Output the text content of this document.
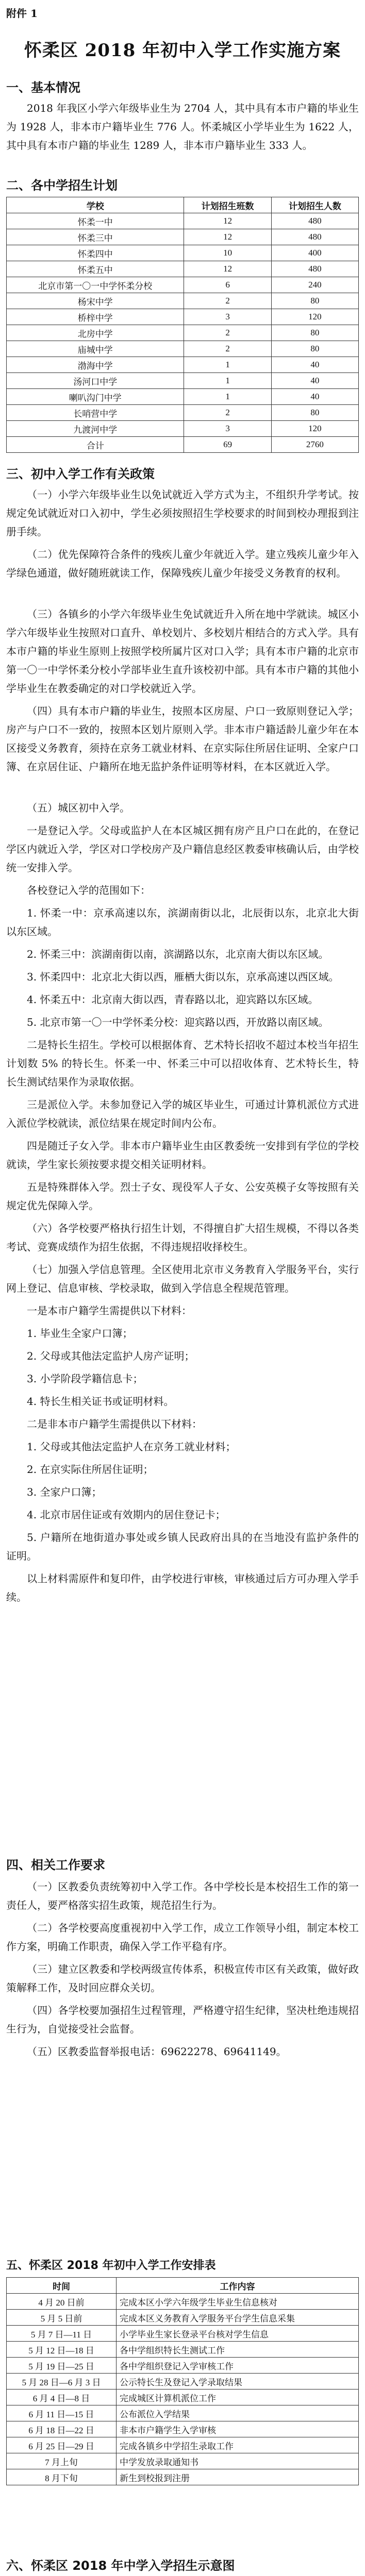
附件 1
怀柔区 2018 年初中入学工作实施方案
一、基本情况

2018 年我区小学六年级毕业生为 2704 人，其中具有本市户籍的毕业生为 1928 人，非本市户籍毕业生 776 人。怀柔城区小学毕业生为 1622 人，其中具有本市户籍的毕业生 1289 人，非本市户籍毕业生 333 人。

二、各中学招生计划
学校	计划招生班数	计划招生人数
怀柔一中	12	480
怀柔三中	12	480
怀柔四中	10	400
怀柔五中	12	480
北京市第一〇一中学怀柔分校	6	240
杨宋中学	2	80
桥梓中学	3	120
北房中学	2	80
庙城中学	2	80
渤海中学	1	40
汤河口中学	1	40
喇叭沟门中学	1	40
长哨营中学	2	80
九渡河中学	3	120
合计	69	2760
三、初中入学工作有关政策

（一）小学六年级毕业生以免试就近入学方式为主，不组织升学考试。按规定免试就近对口入初中，学生必须按照招生学校要求的时间到校办理报到注册手续。

（二）优先保障符合条件的残疾儿童少年就近入学。建立残疾儿童少年入学绿色通道，做好随班就读工作，保障残疾儿童少年接受义务教育的权利。

（三）各镇乡的小学六年级毕业生免试就近升入所在地中学就读。城区小学六年级毕业生按照对口直升、单校划片、多校划片相结合的方式入学。具有本市户籍的毕业生原则上按照学校所属片区对口入学；具有本市户籍的北京市第一〇一中学怀柔分校小学部毕业生直升该校初中部。具有本市户籍的其他小学毕业生在教委确定的对口学校就近入学。

（四）具有本市户籍的毕业生，按照本区房屋、户口一致原则登记入学；房产与户口不一致的，按照本区划片原则入学。非本市户籍适龄儿童少年在本区接受义务教育，须持在京务工就业材料、在京实际住所居住证明、全家户口簿、在京居住证、户籍所在地无监护条件证明等材料，在本区就近入学。

（五）城区初中入学。

一是登记入学。父母或监护人在本区城区拥有房产且户口在此的，在登记学区内就近入学，学区对口学校房产及户籍信息经区教委审核确认后，由学校统一安排入学。

各校登记入学的范围如下：

1. 怀柔一中：京承高速以东，滨湖南街以北，北辰街以东，北京北大街以东区域。

2. 怀柔三中：滨湖南街以南，滨湖路以东，北京南大街以东区域。

3. 怀柔四中：北京北大街以西，雁栖大街以东，京承高速以西区域。

4. 怀柔五中：北京南大街以西，青春路以北，迎宾路以东区域。

5. 北京市第一〇一中学怀柔分校：迎宾路以西，开放路以南区域。

二是特长生招生。学校可以根据体育、艺术特长招收不超过本校当年招生计划数 5% 的特长生。怀柔一中、怀柔三中可以招收体育、艺术特长生，特长生测试结果作为录取依据。

三是派位入学。未参加登记入学的城区毕业生，可通过计算机派位方式进入派位学校就读，派位结果在规定时间内公布。

四是随迁子女入学。非本市户籍毕业生由区教委统一安排到有学位的学校就读，学生家长须按要求提交相关证明材料。

五是特殊群体入学。烈士子女、现役军人子女、公安英模子女等按照有关规定优先保障入学。

（六）各学校要严格执行招生计划，不得擅自扩大招生规模，不得以各类考试、竞赛成绩作为招生依据，不得违规招收择校生。

（七）加强入学信息管理。全区使用北京市义务教育入学服务平台，实行网上登记、信息审核、学校录取，做到入学信息全程规范管理。

一是本市户籍学生需提供以下材料：

1. 毕业生全家户口簿；

2. 父母或其他法定监护人房产证明；

3. 小学阶段学籍信息卡；

4. 特长生相关证书或证明材料。

二是非本市户籍学生需提供以下材料：

1. 父母或其他法定监护人在京务工就业材料；

2. 在京实际住所居住证明；

3. 全家户口簿；

4. 北京市居住证或有效期内的居住登记卡；

5. 户籍所在地街道办事处或乡镇人民政府出具的在当地没有监护条件的证明。

以上材料需原件和复印件，由学校进行审核，审核通过后方可办理入学手续。

四、相关工作要求

（一）区教委负责统筹初中入学工作。各中学校长是本校招生工作的第一责任人，要严格落实招生政策，规范招生行为。

（二）各学校要高度重视初中入学工作，成立工作领导小组，制定本校工作方案，明确工作职责，确保入学工作平稳有序。

（三）建立区教委和学校两级宣传体系，积极宣传市区有关政策，做好政策解释工作，及时回应群众关切。

（四）各学校要加强招生过程管理，严格遵守招生纪律，坚决杜绝违规招生行为，自觉接受社会监督。

（五）区教委监督举报电话：69622278、69641149。

五、怀柔区 2018 年初中入学工作安排表
时间	工作内容
4 月 20 日前	完成本区小学六年级学生毕业生信息核对
5 月 5 日前	完成本区义务教育入学服务平台学生信息采集
5 月 7 日—11 日	小学毕业生家长登录平台核对学生信息
5 月 12 日—18 日	各中学组织特长生测试工作
5 月 19 日—25 日	各中学组织登记入学审核工作
5 月 28 日—6 月 3 日	公示特长生及登记入学录取结果
6 月 4 日—8 日	完成城区计算机派位工作
6 月 11 日—15 日	公布派位入学结果
6 月 18 日—22 日	非本市户籍学生入学审核
6 月 25 日—29 日	完成各镇乡中学招生录取工作
7 月上旬	中学发放录取通知书
8 月下旬	新生到校报到注册
六、怀柔区 2018 年中学入学招生示意图
